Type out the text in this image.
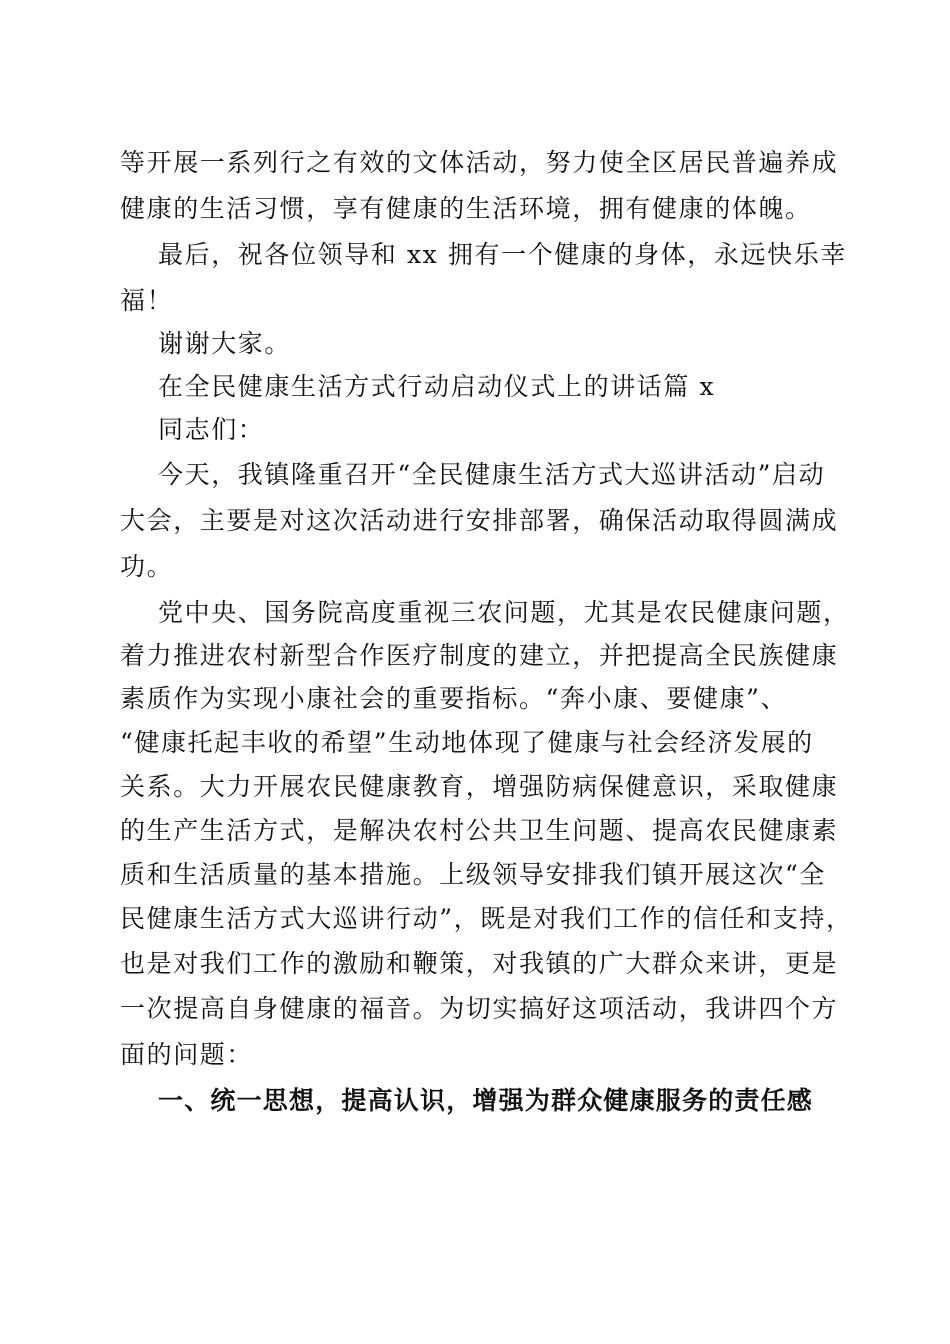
等开展一系列行之有效的文体活动，努力使全区居民普遍养成
健康的生活习惯，享有健康的生活环境，拥有健康的体魄。
最后，祝各位领导和 xx 拥有一个健康的身体，永远快乐幸
福！
谢谢大家。
在全民健康生活方式行动启动仪式上的讲话篇 x
同志们：
今天，我镇隆重召开“全民健康生活方式大巡讲活动”启动
大会，主要是对这次活动进行安排部署，确保活动取得圆满成
功。
党中央、国务院高度重视三农问题，尤其是农民健康问题，
着力推进农村新型合作医疗制度的建立，并把提高全民族健康
素质作为实现小康社会的重要指标。“奔小康、要健康”、
“健康托起丰收的希望”生动地体现了健康与社会经济发展的
关系。大力开展农民健康教育，增强防病保健意识，采取健康
的生产生活方式，是解决农村公共卫生问题、提高农民健康素
质和生活质量的基本措施。上级领导安排我们镇开展这次“全
民健康生活方式大巡讲行动”，既是对我们工作的信任和支持，
也是对我们工作的激励和鞭策，对我镇的广大群众来讲，更是
一次提高自身健康的福音。为切实搞好这项活动，我讲四个方
面的问题：
一、统一思想，提高认识，增强为群众健康服务的责任感
